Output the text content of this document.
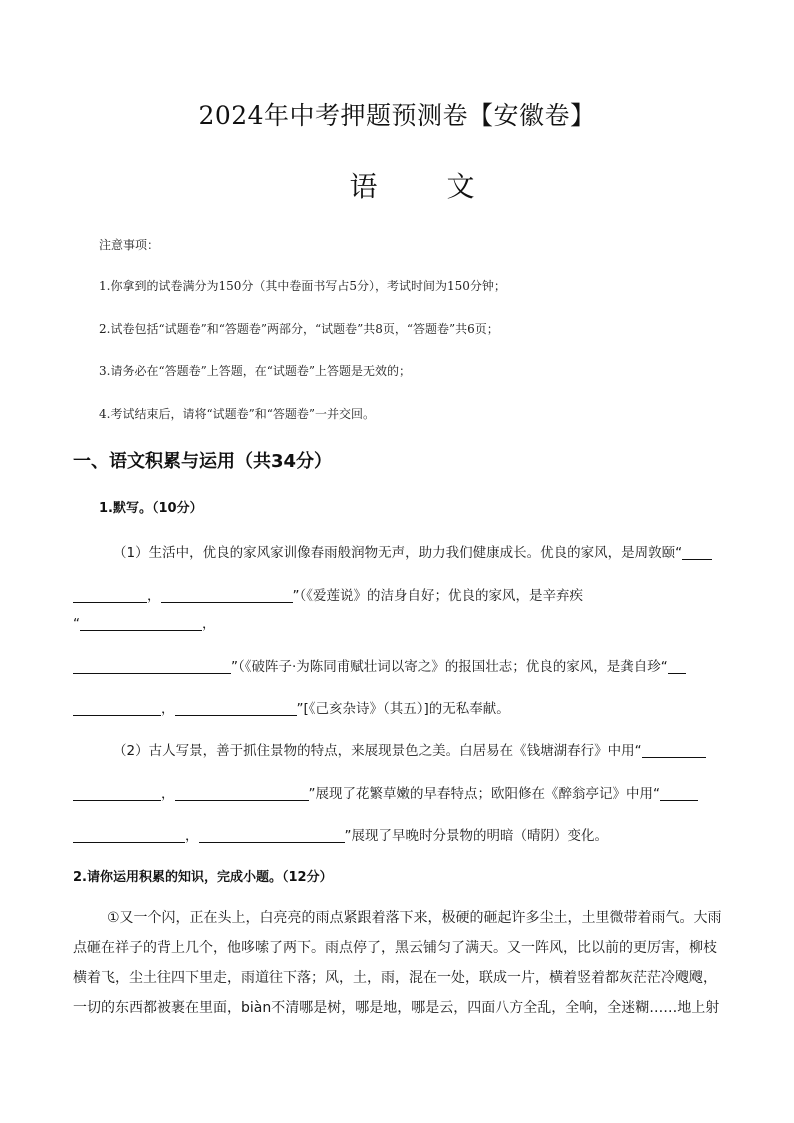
2024年中考押题预测卷【安徽卷】
语 文
注意事项：
1.你拿到的试卷满分为150分（其中卷面书写占5分），考试时间为150分钟；
2.试卷包括“试题卷”和“答题卷”两部分，“试题卷”共8页，“答题卷”共6页；
3.请务必在“答题卷”上答题，在“试题卷”上答题是无效的；
4.考试结束后，请将“试题卷”和“答题卷”一并交回。
一、语文积累与运用（共34分）
1.默写。（10分）
（1）生活中，优良的家风家训像春雨般润物无声，助力我们健康成长。优良的家风，是周敦颐“
，	”（《爱莲说》的洁身自好；优良的家风，是辛弃疾
“	，
”（《破阵子·为陈同甫赋壮词以寄之》的报国壮志；优良的家风，是龚自珍“
，	”[《己亥杂诗》（其五）]的无私奉献。
（2）古人写景，善于抓住景物的特点，来展现景色之美。白居易在《钱塘湖春行》中用“
，	”展现了花繁草嫩的早春特点；欧阳修在《醉翁亭记》中用“
，	”展现了早晚时分景物的明暗（晴阴）变化。
2.请你运用积累的知识，完成小题。（12分）
①又一个闪，正在头上，白亮亮的雨点紧跟着落下来，极硬的砸起许多尘土，土里微带着雨气。大雨
点砸在祥子的背上几个，他哆嗦了两下。雨点停了，黑云铺匀了满天。又一阵风，比以前的更厉害，柳枝
横着飞，尘土往四下里走，雨道往下落；风，土，雨，混在一处，联成一片，横着竖着都灰茫茫冷飕飕，
一切的东西都被裹在里面，biàn不清哪是树，哪是地，哪是云，四面八方全乱，全响，全迷糊……地上射
